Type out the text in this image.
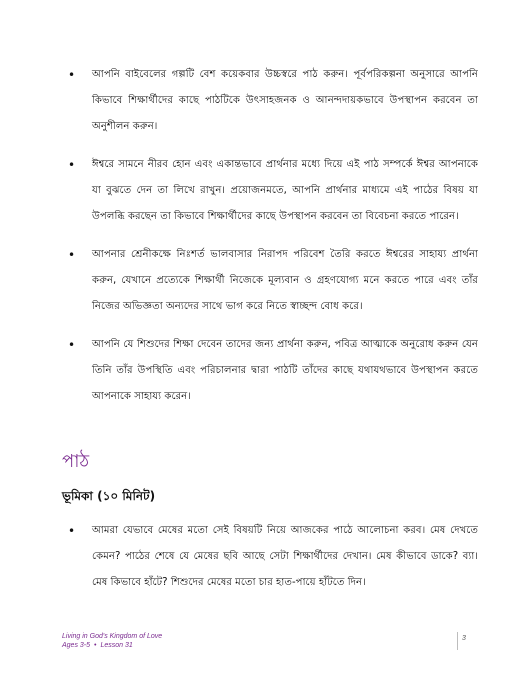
• আপনি বাইবেলের গল্পটি বেশ কয়েকবার উচ্চস্বরে পাঠ করুন। পূর্বপরিকল্পনা অনুসারে আপনি কিভাবে শিক্ষার্থীদের কাছে পাঠটিকে উৎসাহজনক ও আনন্দদায়কভাবে উপস্থাপন করবেন তা অনুশীলন করুন।
• ঈশ্বরে সামনে নীরব হোন এবং একান্তভাবে প্রার্থনার মধ্যে দিয়ে এই পাঠ সম্পর্কে ঈশ্বর আপনাকে যা বুঝতে দেন তা লিখে রাখুন। প্রয়োজনমতে, আপনি প্রার্থনার মাধ্যমে এই পাঠের বিষয় যা উপলব্ধি করছেন তা কিভাবে শিক্ষার্থীদের কাছে উপস্থাপন করবেন তা বিবেচনা করতে পারেন।
• আপনার শ্রেনীকক্ষে নিঃশর্ত ভালবাসার নিরাপদ পরিবেশ তৈরি করতে ঈশ্বরের সাহায্য প্রার্থনা করুন, যেখানে প্রত্যেকে শিক্ষার্থী নিজেকে মূল্যবান ও গ্রহণযোগ্য মনে করতে পারে এবং তাঁর নিজের অভিজ্ঞতা অন্যদের সাথে ভাগ করে নিতে স্বাচ্ছন্দ বোধ করে।
• আপনি যে শিশুদের শিক্ষা দেবেন তাদের জন্য প্রার্থনা করুন, পবিত্র আত্মাকে অনুরোধ করুন যেন তিনি তাঁর উপস্থিতি এবং পরিচালনার দ্বারা পাঠটি তাঁদের কাছে যথাযথভাবে উপস্থাপন করতে আপনাকে সাহায্য করেন।
পাঠ
ভূমিকা (১০ মিনিট)
• আমরা যেভাবে মেষের মতো সেই বিষয়টি নিয়ে আজকের পাঠে আলোচনা করব। মেষ দেখতে কেমন? পাঠের শেষে যে মেষের ছবি আছে সেটা শিক্ষার্থীদের দেখান। মেষ কীভাবে ডাকে? ব্যা। মেষ কিভাবে হাঁটে? শিশুদের মেষের মতো চার হাত-পায়ে হাঁটতে দিন।
Living in God's Kingdom of Love
Ages 3-5 • Lesson 31
3
